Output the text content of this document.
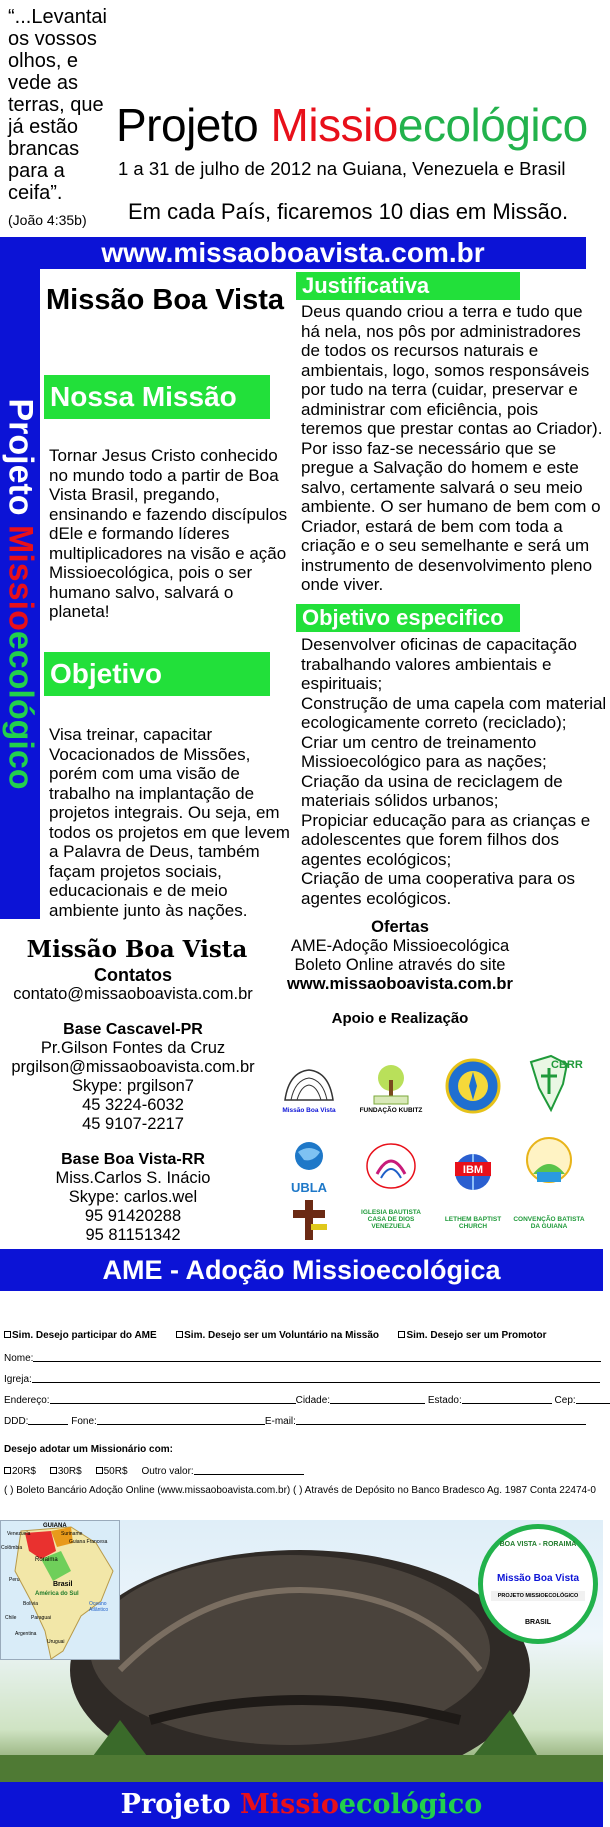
“...Levantai os vossos olhos, e vede as terras, que já estão brancas para a ceifa”.
(João 4:35b)
Projeto Missioecológico
1 a 31 de julho de 2012 na Guiana, Venezuela e Brasil
Em cada País, ficaremos 10 dias em Missão.
www.missaoboavista.com.br
Projeto Missioecológico
Missão Boa Vista
Nossa Missão
Tornar Jesus Cristo conhecido no mundo todo a partir de Boa Vista Brasil, pregando, ensinando e fazendo discípulos dEle e formando líderes multiplicadores na visão e ação Missioecológica, pois o ser humano salvo, salvará o planeta!
Objetivo
Visa treinar, capacitar Vocacionados de Missões, porém com uma visão de trabalho na implantação de projetos integrais. Ou seja, em todos os projetos em que levem a Palavra de Deus, também façam projetos sociais, educacionais e de meio ambiente junto às nações.
Justificativa
Deus quando criou a terra e tudo que há nela, nos pôs por administradores de todos os recursos naturais e ambientais, logo, somos responsáveis por tudo na terra (cuidar, preservar e administrar com eficiência, pois teremos que prestar contas ao Criador). Por isso faz-se necessário que se pregue a Salvação do homem e este salvo, certamente salvará o seu meio ambiente. O ser humano de bem com o Criador, estará de bem com toda a criação e o seu semelhante e será um instrumento de desenvolvimento pleno onde viver.
Objetivo especifico
Desenvolver oficinas de capacitação
trabalhando valores ambientais e
espirituais;
Construção de uma capela com material
ecologicamente correto (reciclado);
Criar um centro de treinamento
Missioecológico para as nações;
Criação da usina de reciclagem de
materiais sólidos urbanos;
Propiciar educação para as crianças e
adolescentes que forem filhos dos
agentes ecológicos;
Criação de uma cooperativa para os
agentes ecológicos.
Missão Boa Vista
Contatos
contato@missaoboavista.com.br
Base Cascavel-PR
Pr.Gilson Fontes da Cruz
prgilson@missaoboavista.com.br
Skype: prgilson7
45 3224-6032
45 9107-2217
Base Boa Vista-RR
Miss.Carlos S. Inácio
Skype: carlos.wel
95 91420288
95 81151342
Ofertas
AME-Adoção Missioecológica
Boleto Online através do site
www.missaoboavista.com.br
Apoio e Realização
Missão Boa Vista	FUNDAÇÃO KUBITZ
CBRR
UBLA
IBM
IGLESIA BAUTISTA CASA DE DIOS VENEZUELA
LETHEM BAPTIST CHURCH
CONVENÇÃO BATISTA DA GUIANA
AME - Adoção Missioecológica
Sim. Desejo participar do AME	Sim. Desejo ser um Voluntário na Missão	Sim. Desejo ser um Promotor
Nome:
Igreja:
Endereço:	Cidade:	Estado:	Cep:
DDD:	Fone:	E-mail:
Desejo adotar um Missionário com:
20R$ 30R$ 50R$ Outro valor:
( ) Boleto Bancário Adoção Online (www.missaoboavista.com.br) ( ) Através de Depósito no Banco Bradesco Ag. 1987 Conta 22474-0
GUIANA
Suriname
Guiana Francesa
Venezuela
Colômbia
Roraima
Brasil
América do Sul
Peru
Bolívia
Chile	Paraguai
Argentina
Uruguai
Oceano Atlântico
BOA VISTA - RORAIMA
Missão Boa Vista
PROJETO MISSIOECOLÓGICO
BRASIL
Projeto Missioecológico
